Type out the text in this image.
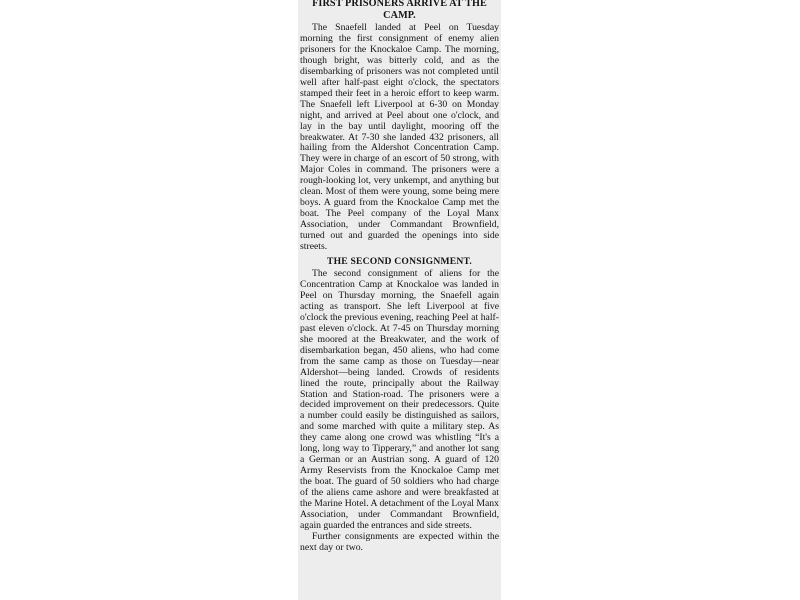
FIRST PRISONERS ARRIVE AT THE CAMP.

The Snaefell landed at Peel on Tuesday morning the first consignment of enemy alien prisoners for the Knockaloe Camp. The morning, though bright, was bitterly cold, and as the disembarking of prisoners was not completed until well after half-past eight o'clock, the spectators stamped their feet in a heroic effort to keep warm. The Snaefell left Liverpool at 6-30 on Monday night, and arrived at Peel about one o'clock, and lay in the bay until daylight, mooring off the breakwater. At 7-30 she landed 432 prisoners, all hailing from the Aldershot Concentration Camp. They were in charge of an escort of 50 strong, with Major Coles in command. The prisoners were a rough-looking lot, very unkempt, and anything but clean. Most of them were young, some being mere boys. A guard from the Knockaloe Camp met the boat. The Peel company of the Loyal Manx Association, under Commandant Brownfield, turned out and guarded the openings into side streets.

THE SECOND CONSIGNMENT.

The second consignment of aliens for the Concentration Camp at Knockaloe was landed in Peel on Thursday morning, the Snaefell again acting as transport. She left Liverpool at five o'clock the previous evening, reaching Peel at half-past eleven o'clock. At 7-45 on Thursday morning she moored at the Breakwater, and the work of disembarkation began, 450 aliens, who had come from the same camp as those on Tuesday—near Aldershot—being landed. Crowds of residents lined the route, principally about the Railway Station and Station-road. The prisoners were a decided improvement on their predecessors. Quite a number could easily be distinguished as sailors, and some marched with quite a military step. As they came along one crowd was whistling “It's a long, long way to Tipperary,” and another lot sang a German or an Austrian song. A guard of 120 Army Reservists from the Knockaloe Camp met the boat. The guard of 50 soldiers who had charge of the aliens came ashore and were breakfasted at the Marine Hotel. A detachment of the Loyal Manx Association, under Commandant Brownfield, again guarded the entrances and side streets.

Further consignments are expected within the next day or two.
